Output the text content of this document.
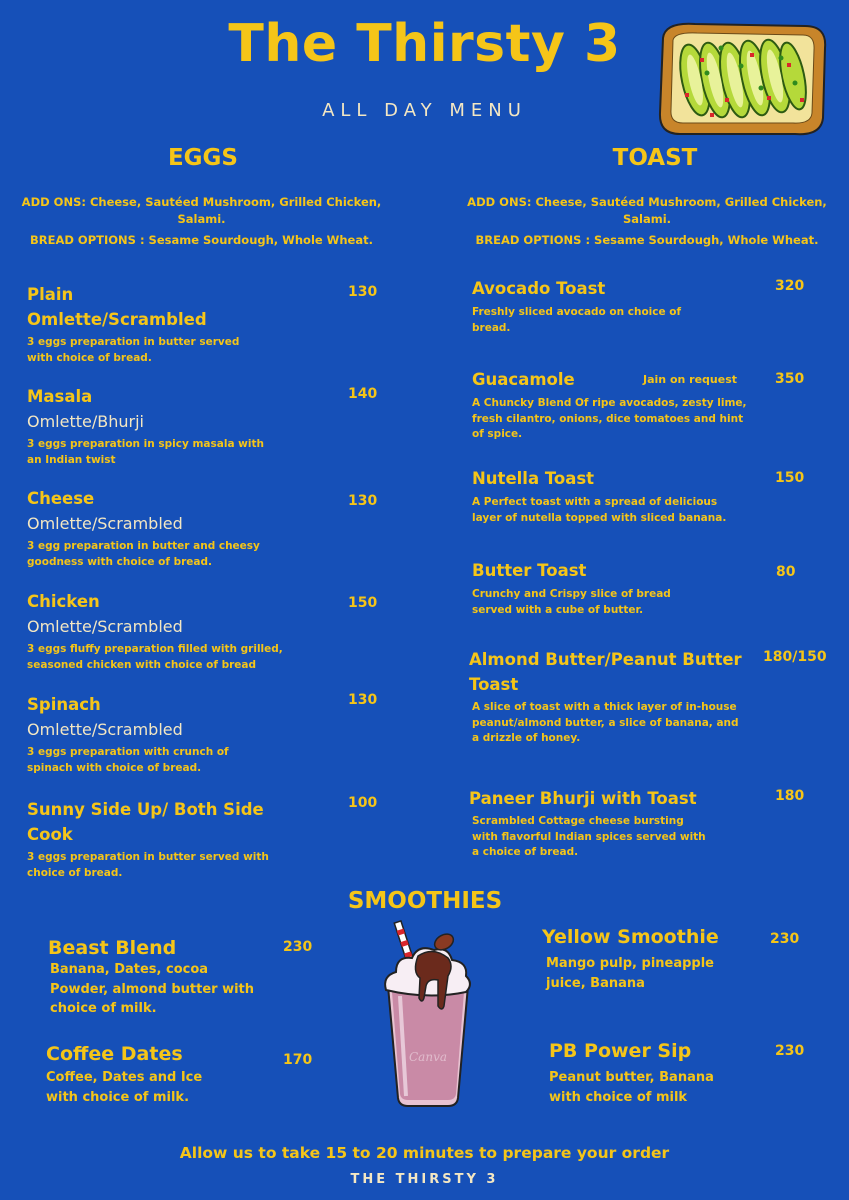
The Thirsty 3
ALL DAY MENU
EGGS
ADD ONS: Cheese, Sautéed Mushroom, Grilled Chicken,
Salami.
BREAD OPTIONS : Sesame Sourdough, Whole Wheat.
Plain
Omlette/Scrambled
3 eggs preparation in butter served
with choice of bread.
130
Masala
Omlette/Bhurji
3 eggs preparation in spicy masala with
an Indian twist
140
Cheese
Omlette/Scrambled
3 egg preparation in butter and cheesy
goodness with choice of bread.
130
Chicken
Omlette/Scrambled
3 eggs fluffy preparation filled with grilled,
seasoned chicken with choice of bread
150
Spinach
Omlette/Scrambled
3 eggs preparation with crunch of
spinach with choice of bread.
130
Sunny Side Up/ Both Side
Cook
3 eggs preparation in butter served with
choice of bread.
100
TOAST
ADD ONS: Cheese, Sautéed Mushroom, Grilled Chicken,
Salami.
BREAD OPTIONS : Sesame Sourdough, Whole Wheat.
Avocado Toast
Freshly sliced avocado on choice of
bread.
320
Guacamole
A Chuncky Blend Of ripe avocados, zesty lime,
fresh cilantro, onions, dice tomatoes and hint
of spice.
Jain on request	350
Nutella Toast
A Perfect toast with a spread of delicious
layer of nutella topped with sliced banana.
150
Butter Toast
Crunchy and Crispy slice of bread
served with a cube of butter.
80
Almond Butter/Peanut Butter
Toast
A slice of toast with a thick layer of in-house
peanut/almond butter, a slice of banana, and
a drizzle of honey.
180/150
Paneer Bhurji with Toast
Scrambled Cottage cheese bursting
with flavorful Indian spices served with
a choice of bread.
180
SMOOTHIES
Beast Blend
Banana, Dates, cocoa
Powder, almond butter with
choice of milk.
230
Coffee Dates
Coffee, Dates and Ice
with choice of milk.
170
Yellow Smoothie
Mango pulp, pineapple
juice, Banana
230
PB Power Sip
Peanut butter, Banana
with choice of milk
230
Canva
Allow us to take 15 to 20 minutes to prepare your order
THE THIRSTY 3
